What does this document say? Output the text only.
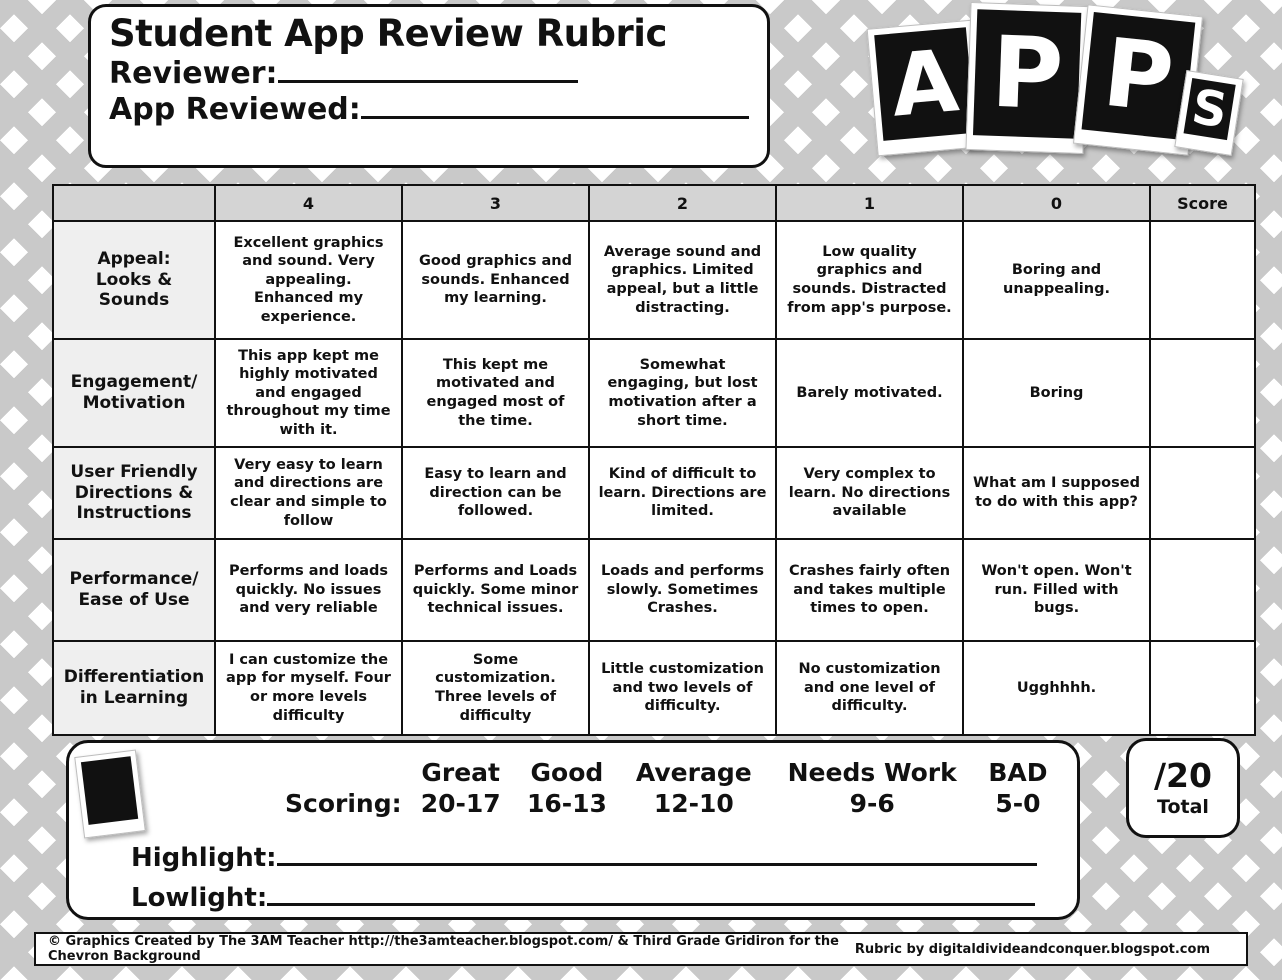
Student App Review Rubric
Reviewer:
App Reviewed:	A P P S
	4	3	2	1	0	Score

Appeal:
Looks &
Sounds	Excellent graphics and sound. Very appealing. Enhanced my experience.	Good graphics and sounds. Enhanced my learning.	Average sound and graphics. Limited appeal, but a little distracting.	Low quality graphics and sounds. Distracted from app's purpose.	Boring and unappealing.	

Engagement/
Motivation	This app kept me highly motivated and engaged throughout my time with it.	This kept me motivated and engaged most of the time.	Somewhat engaging, but lost motivation after a short time.	Barely motivated.	Boring	

User Friendly
Directions &
Instructions	Very easy to learn and directions are clear and simple to follow	Easy to learn and direction can be followed.	Kind of difficult to learn. Directions are limited.	Very complex to learn. No directions available	What am I supposed to do with this app?	

Performance/
Ease of Use	Performs and loads quickly. No issues and very reliable	Performs and Loads quickly. Some minor technical issues.	Loads and performs slowly. Sometimes Crashes.	Crashes fairly often and takes multiple times to open.	Won't open. Won't run. Filled with bugs.	

Differentiation
in Learning	I can customize the app for myself. Four or more levels difficulty	Some customization. Three levels of difficulty	Little customization and two levels of difficulty.	No customization and one level of difficulty.	Ugghhhh.	
	Great	Good	Average	Needs Work	BAD
Scoring:	20-17	16-13	12-10	9-6	5-0
Highlight:
Lowlight:
/20
Total
© Graphics Created by The 3AM Teacher http://the3amteacher.blogspot.com/ & Third Grade Gridiron for the Chevron Background	Rubric by digitaldivideandconquer.blogspot.com
